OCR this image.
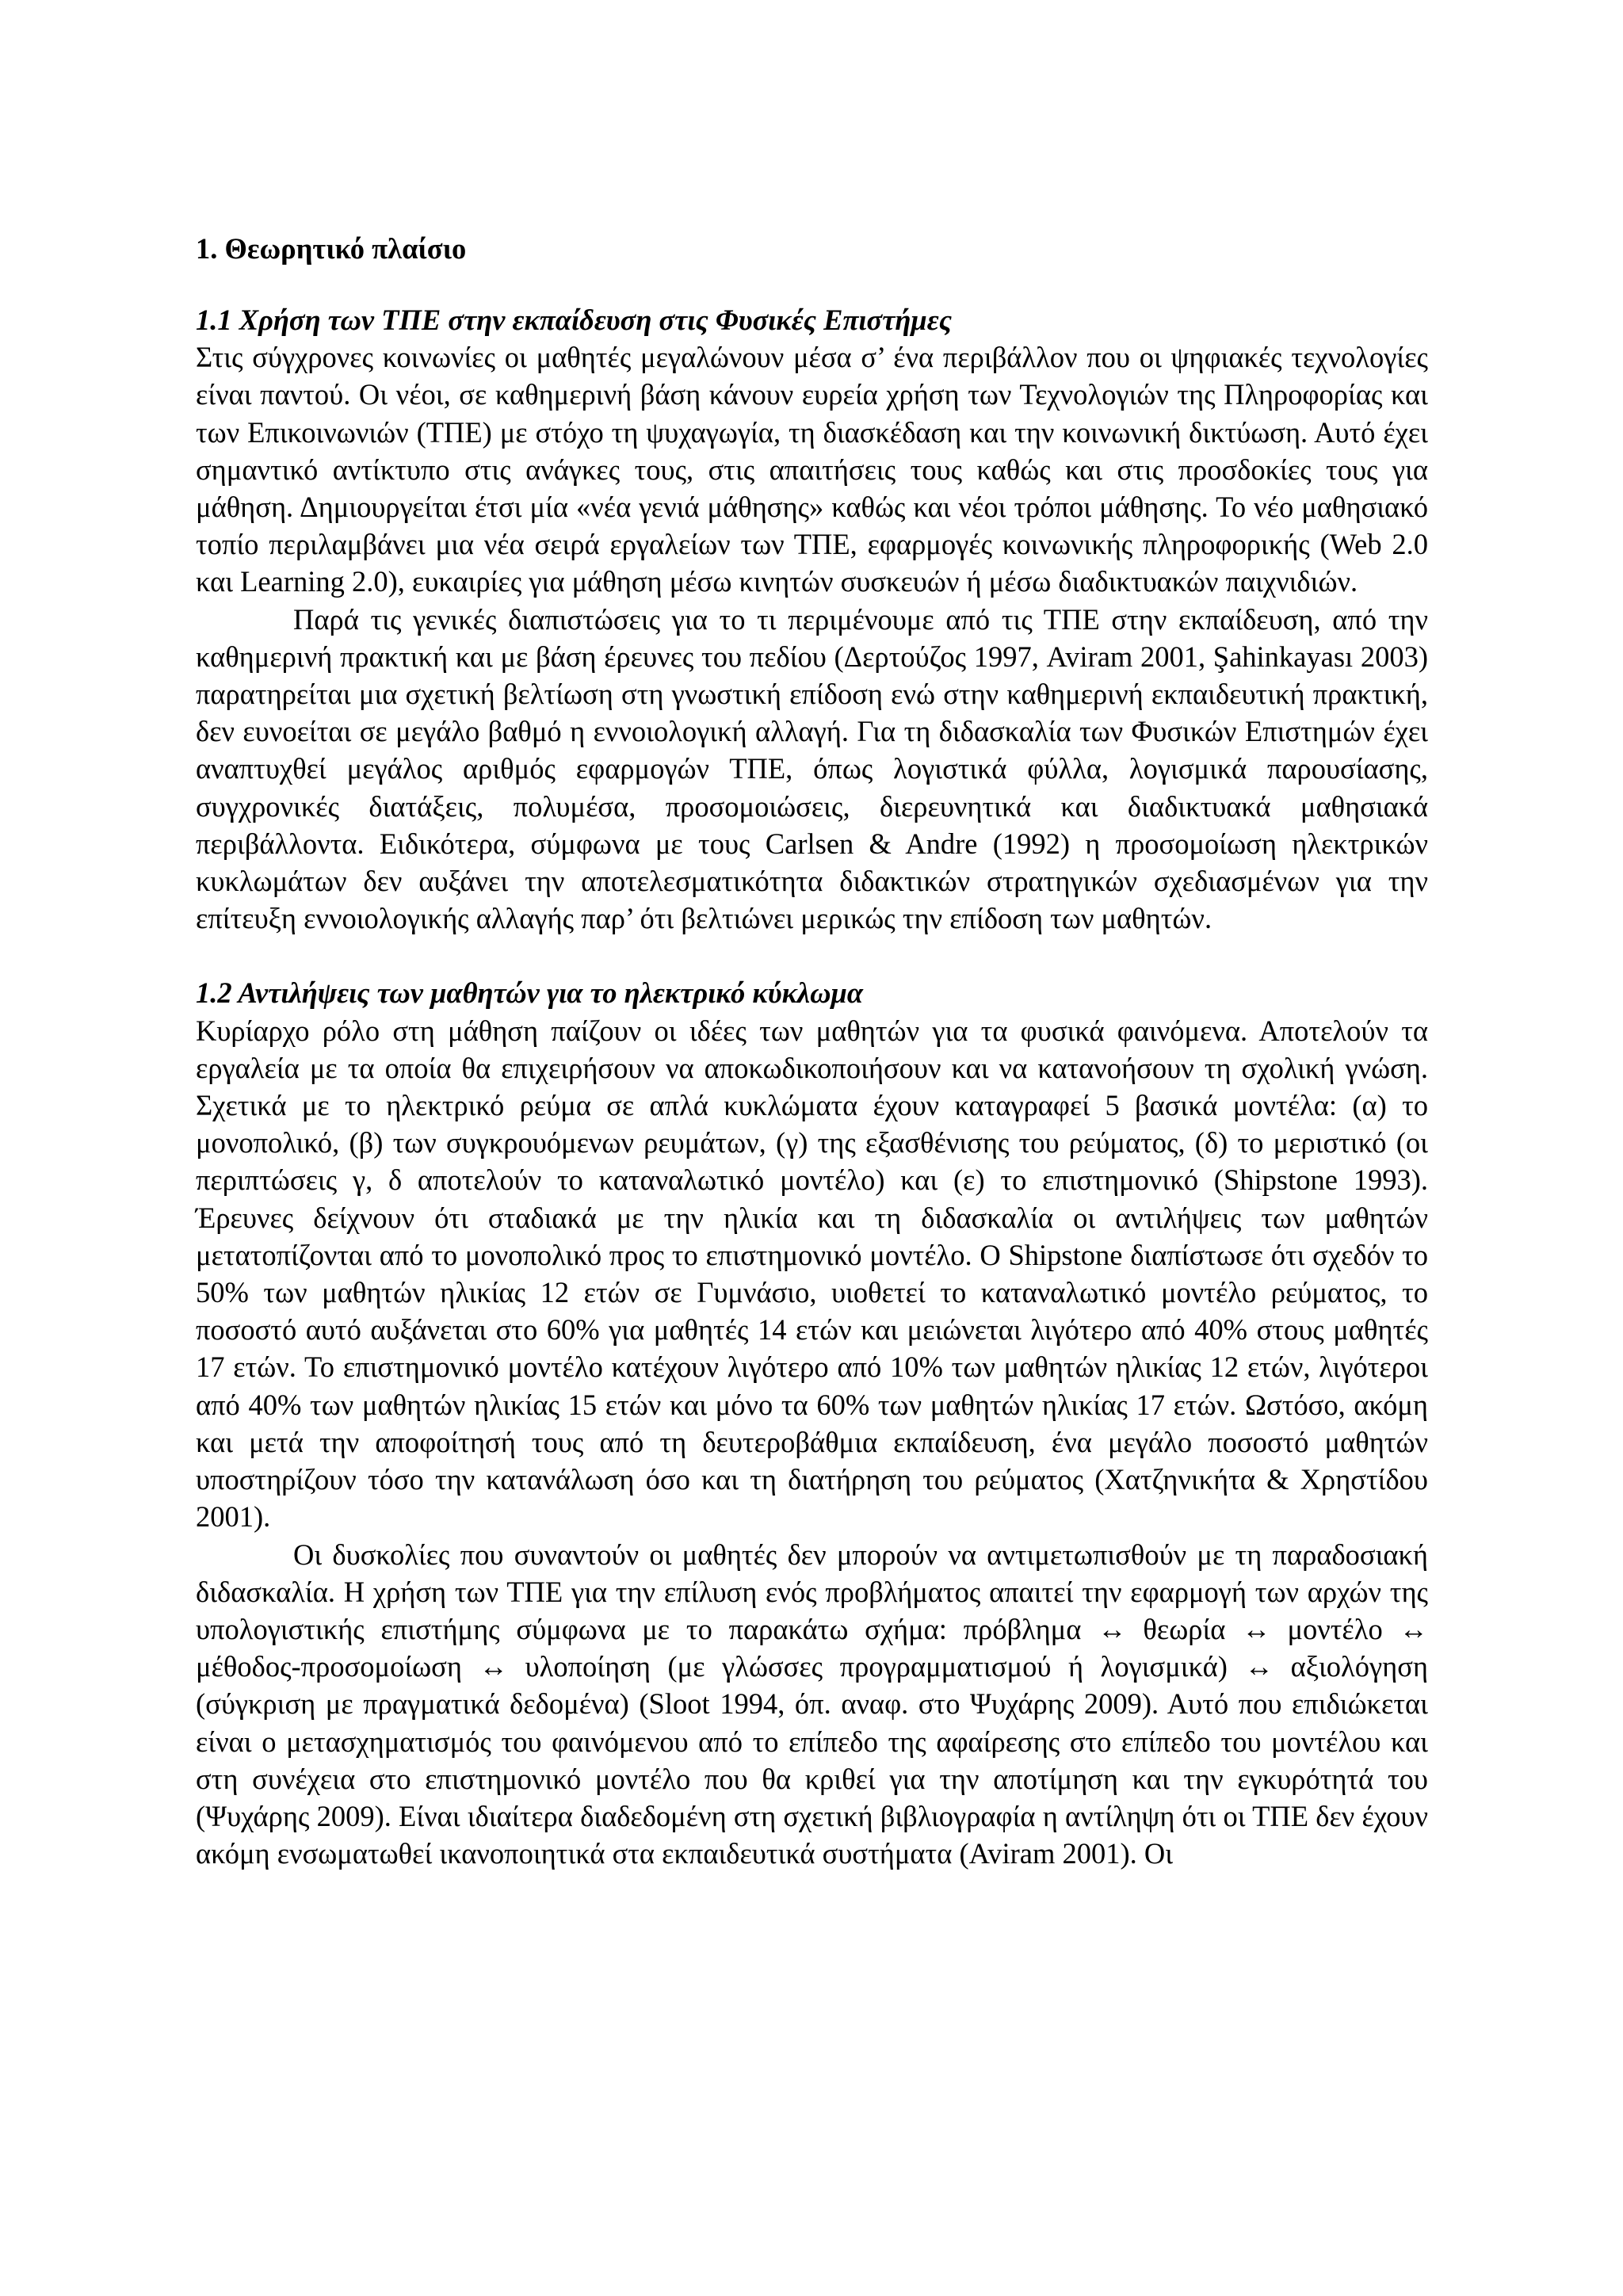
1. Θεωρητικό πλαίσιο
1.1 Χρήση των ΤΠΕ στην εκπαίδευση στις Φυσικές Επιστήμες

Στις σύγχρονες κοινωνίες οι μαθητές μεγαλώνουν μέσα σ’ ένα περιβάλλον που οι ψηφιακές τεχνολογίες είναι παντού. Οι νέοι, σε καθημερινή βάση κάνουν ευρεία χρήση των Τεχνολογιών της Πληροφορίας και των Επικοινωνιών (ΤΠΕ) με στόχο τη ψυχαγωγία, τη διασκέδαση και την κοινωνική δικτύωση. Αυτό έχει σημαντικό αντίκτυπο στις ανάγκες τους, στις απαιτήσεις τους καθώς και στις προσδοκίες τους για μάθηση. Δημιουργείται έτσι μία «νέα γενιά μάθησης» καθώς και νέοι τρόποι μάθησης. Το νέο μαθησιακό τοπίο περιλαμβάνει μια νέα σειρά εργαλείων των ΤΠΕ, εφαρμογές κοινωνικής πληροφορικής (Web 2.0 και Learning 2.0), ευκαιρίες για μάθηση μέσω κινητών συσκευών ή μέσω διαδικτυακών παιχνιδιών.

Παρά τις γενικές διαπιστώσεις για το τι περιμένουμε από τις ΤΠΕ στην εκπαίδευση, από την καθημερινή πρακτική και με βάση έρευνες του πεδίου (Δερτούζος 1997, Aviram 2001, Şahinkayası 2003) παρατηρείται μια σχετική βελτίωση στη γνωστική επίδοση ενώ στην καθημερινή εκπαιδευτική πρακτική, δεν ευνοείται σε μεγάλο βαθμό η εννοιολογική αλλαγή. Για τη διδασκαλία των Φυσικών Επιστημών έχει αναπτυχθεί μεγάλος αριθμός εφαρμογών ΤΠΕ, όπως λογιστικά φύλλα, λογισμικά παρουσίασης, συγχρονικές διατάξεις, πολυμέσα, προσομοιώσεις, διερευνητικά και διαδικτυακά μαθησιακά περιβάλλοντα. Ειδικότερα, σύμφωνα με τους Carlsen & Andre (1992) η προσομοίωση ηλεκτρικών κυκλωμάτων δεν αυξάνει την αποτελεσματικότητα διδακτικών στρατηγικών σχεδιασμένων για την επίτευξη εννοιολογικής αλλαγής παρ’ ότι βελτιώνει μερικώς την επίδοση των μαθητών.

1.2 Αντιλήψεις των μαθητών για το ηλεκτρικό κύκλωμα

Κυρίαρχο ρόλο στη μάθηση παίζουν οι ιδέες των μαθητών για τα φυσικά φαινόμενα. Αποτελούν τα εργαλεία με τα οποία θα επιχειρήσουν να αποκωδικοποιήσουν και να κατανοήσουν τη σχολική γνώση. Σχετικά με το ηλεκτρικό ρεύμα σε απλά κυκλώματα έχουν καταγραφεί 5 βασικά μοντέλα: (α) το μονοπολικό, (β) των συγκρουόμενων ρευμάτων, (γ) της εξασθένισης του ρεύματος, (δ) το μεριστικό (οι περιπτώσεις γ, δ αποτελούν το καταναλωτικό μοντέλο) και (ε) το επιστημονικό (Shipstone 1993). Έρευνες δείχνουν ότι σταδιακά με την ηλικία και τη διδασκαλία οι αντιλήψεις των μαθητών μετατοπίζονται από το μονοπολικό προς το επιστημονικό μοντέλο. Ο Shipstone διαπίστωσε ότι σχεδόν το 50% των μαθητών ηλικίας 12 ετών σε Γυμνάσιο, υιοθετεί το καταναλωτικό μοντέλο ρεύματος, το ποσοστό αυτό αυξάνεται στο 60% για μαθητές 14 ετών και μειώνεται λιγότερο από 40% στους μαθητές 17 ετών. Το επιστημονικό μοντέλο κατέχουν λιγότερο από 10% των μαθητών ηλικίας 12 ετών, λιγότεροι από 40% των μαθητών ηλικίας 15 ετών και μόνο τα 60% των μαθητών ηλικίας 17 ετών. Ωστόσο, ακόμη και μετά την αποφοίτησή τους από τη δευτεροβάθμια εκπαίδευση, ένα μεγάλο ποσοστό μαθητών υποστηρίζουν τόσο την κατανάλωση όσο και τη διατήρηση του ρεύματος (Χατζηνικήτα & Χρηστίδου 2001).

Οι δυσκολίες που συναντούν οι μαθητές δεν μπορούν να αντιμετωπισθούν με τη παραδοσιακή διδασκαλία. Η χρήση των ΤΠΕ για την επίλυση ενός προβλήματος απαιτεί την εφαρμογή των αρχών της υπολογιστικής επιστήμης σύμφωνα με το παρακάτω σχήμα: πρόβλημα ↔ θεωρία ↔ μοντέλο ↔ μέθοδος-προσομοίωση ↔ υλοποίηση (με γλώσσες προγραμματισμού ή λογισμικά) ↔ αξιολόγηση (σύγκριση με πραγματικά δεδομένα) (Sloot 1994, όπ. αναφ. στο Ψυχάρης 2009). Αυτό που επιδιώκεται είναι ο μετασχηματισμός του φαινόμενου από το επίπεδο της αφαίρεσης στο επίπεδο του μοντέλου και στη συνέχεια στο επιστημονικό μοντέλο που θα κριθεί για την αποτίμηση και την εγκυρότητά του (Ψυχάρης 2009). Είναι ιδιαίτερα διαδεδομένη στη σχετική βιβλιογραφία η αντίληψη ότι οι ΤΠΕ δεν έχουν ακόμη ενσωματωθεί ικανοποιητικά στα εκπαιδευτικά συστήματα (Aviram 2001). Οι
